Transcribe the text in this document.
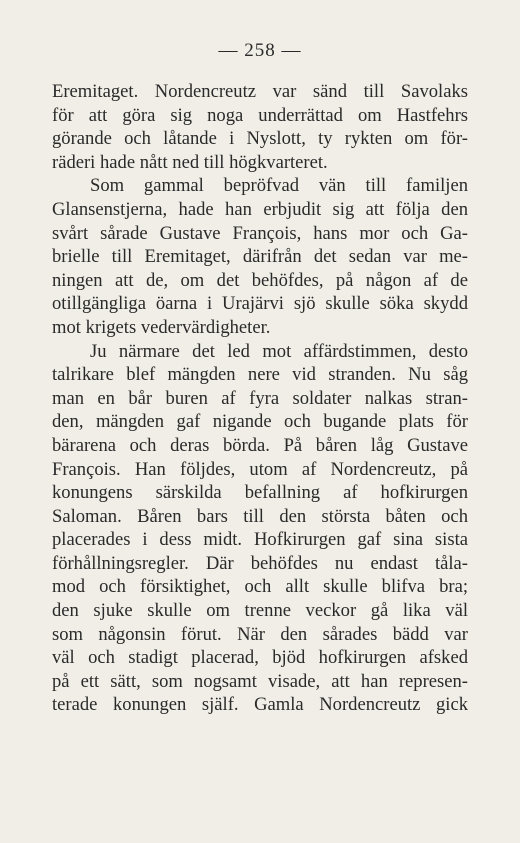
— 258 —
Eremitaget. Nordencreutz var sänd till Savolaks
för att göra sig noga underrättad om Hastfehrs
görande och låtande i Nyslott, ty rykten om för-
räderi hade nått ned till högkvarteret.
Som gammal bepröfvad vän till familjen
Glansenstjerna, hade han erbjudit sig att följa den
svårt sårade Gustave François, hans mor och Ga-
brielle till Eremitaget, därifrån det sedan var me-
ningen att de, om det behöfdes, på någon af de
otillgängliga öarna i Urajärvi sjö skulle söka skydd
mot krigets vedervärdigheter.
Ju närmare det led mot affärdstimmen, desto
talrikare blef mängden nere vid stranden. Nu såg
man en bår buren af fyra soldater nalkas stran-
den, mängden gaf nigande och bugande plats för
bärarena och deras börda. På båren låg Gustave
François. Han följdes, utom af Nordencreutz, på
konungens särskilda befallning af hofkirurgen
Saloman. Båren bars till den största båten och
placerades i dess midt. Hofkirurgen gaf sina sista
förhållningsregler. Där behöfdes nu endast tåla-
mod och försiktighet, och allt skulle blifva bra;
den sjuke skulle om trenne veckor gå lika väl
som någonsin förut. När den sårades bädd var
väl och stadigt placerad, bjöd hofkirurgen afsked
på ett sätt, som nogsamt visade, att han represen-
terade konungen själf. Gamla Nordencreutz gick
